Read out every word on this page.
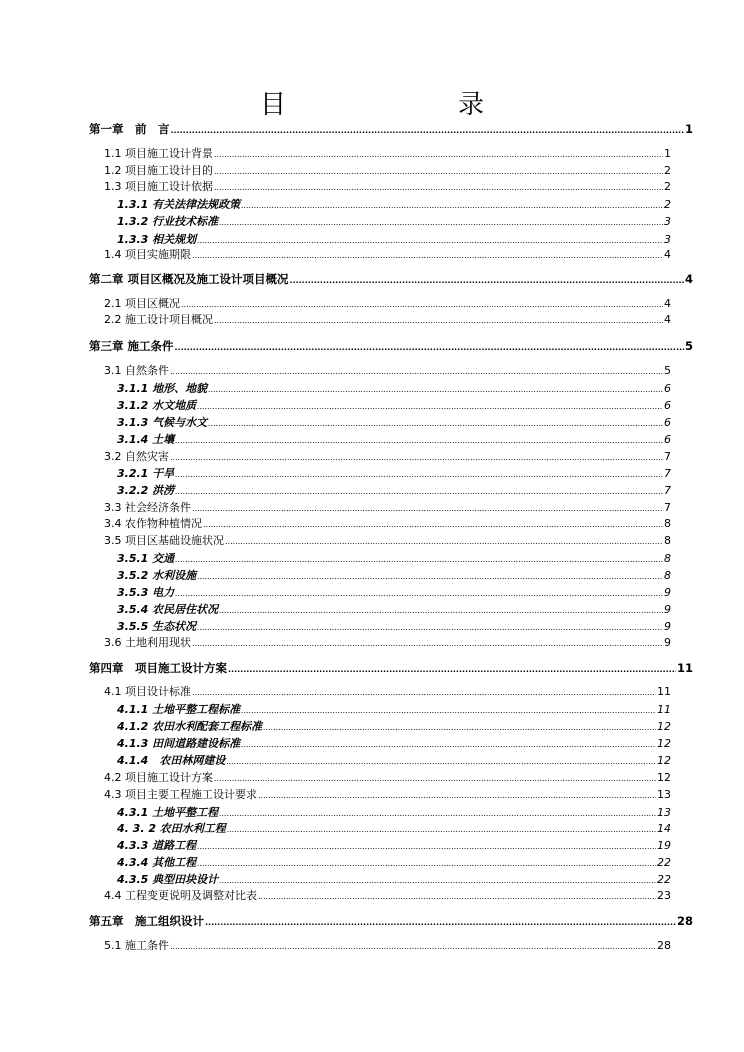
目　　录
第一章　前　言 .....	1
1.1 项目施工设计背景 .....	1
1.2 项目施工设计目的 .....	2
1.3 项目施工设计依据 .....	2
1.3.1 有关法律法规政策 .....	2
1.3.2 行业技术标准 .....	3
1.3.3 相关规划 .....	3
1.4 项目实施期限 .....	4
第二章 项目区概况及施工设计项目概况 .....	4
2.1 项目区概况 .....	4
2.2 施工设计项目概况 .....	4
第三章 施工条件 .....	5
3.1 自然条件 .....	5
3.1.1 地形、地貌 .....	6
3.1.2 水文地质 .....	6
3.1.3 气候与水文 .....	6
3.1.4 土壤 .....	6
3.2 自然灾害 .....	7
3.2.1 干旱 .....	7
3.2.2 洪涝 .....	7
3.3 社会经济条件 .....	7
3.4 农作物种植情况 .....	8
3.5 项目区基础设施状况 .....	8
3.5.1 交通 .....	8
3.5.2 水利设施 .....	8
3.5.3 电力 .....	9
3.5.4 农民居住状况 .....	9
3.5.5 生态状况 .....	9
3.6 土地利用现状 .....	9
第四章　项目施工设计方案 .....	11
4.1 项目设计标准 .....	11
4.1.1 土地平整工程标准 .....	11
4.1.2 农田水利配套工程标准 .....	12
4.1.3 田间道路建设标准 .....	12
4.1.4　农田林网建设 .....	12
4.2 项目施工设计方案 .....	12
4.3 项目主要工程施工设计要求 .....	13
4.3.1 土地平整工程 .....	13
4. 3. 2 农田水利工程 .....	14
4.3.3 道路工程 .....	19
4.3.4 其他工程 .....	22
4.3.5 典型田块设计 .....	22
4.4 工程变更说明及调整对比表 .....	23
第五章　施工组织设计 .....	28
5.1 施工条件 .....	28
